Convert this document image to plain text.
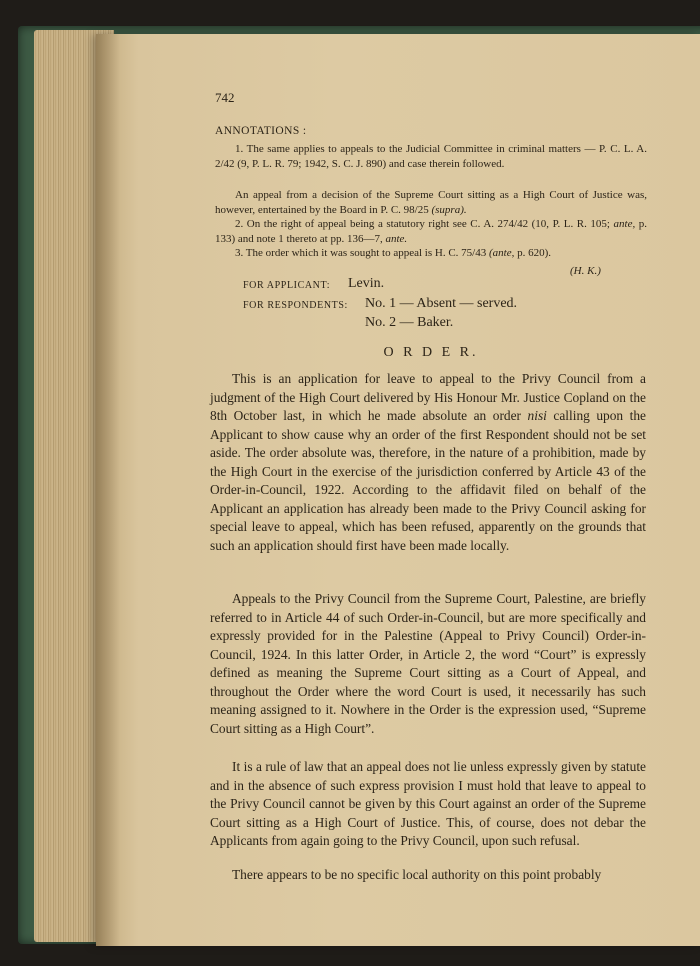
742
ANNOTATIONS :
1. The same applies to appeals to the Judicial Committee in criminal matters — P. C. L. A. 2/42 (9, P. L. R. 79; 1942, S. C. J. 890) and case therein followed.
An appeal from a decision of the Supreme Court sitting as a High Court of Justice was, however, entertained by the Board in P. C. 98/25 (supra).
2. On the right of appeal being a statutory right see C. A. 274/42 (10, P. L. R. 105; ante, p. 133) and note 1 thereto at pp. 136—7, ante.
3. The order which it was sought to appeal is H. C. 75/43 (ante, p. 620).
(H. K.)
FOR APPLICANT: Levin.
FOR RESPONDENTS: No. 1 — Absent — served.
No. 2 — Baker.
O R D E R.
This is an application for leave to appeal to the Privy Council from a judgment of the High Court delivered by His Honour Mr. Justice Copland on the 8th October last, in which he made absolute an order nisi calling upon the Applicant to show cause why an order of the first Respondent should not be set aside. The order absolute was, therefore, in the nature of a prohibition, made by the High Court in the exercise of the jurisdiction conferred by Article 43 of the Order-in-Council, 1922. According to the affidavit filed on behalf of the Applicant an application has already been made to the Privy Council asking for special leave to appeal, which has been refused, apparently on the grounds that such an application should first have been made locally.
Appeals to the Privy Council from the Supreme Court, Palestine, are briefly referred to in Article 44 of such Order-in-Council, but are more specifically and expressly provided for in the Palestine (Appeal to Privy Council) Order-in-Council, 1924. In this latter Order, in Article 2, the word “Court” is expressly defined as meaning the Supreme Court sitting as a Court of Appeal, and throughout the Order where the word Court is used, it necessarily has such meaning assigned to it. Nowhere in the Order is the expression used, “Supreme Court sitting as a High Court”.
It is a rule of law that an appeal does not lie unless expressly given by statute and in the absence of such express provision I must hold that leave to appeal to the Privy Council cannot be given by this Court against an order of the Supreme Court sitting as a High Court of Justice. This, of course, does not debar the Applicants from again going to the Privy Council, upon such refusal.
There appears to be no specific local authority on this point probably
